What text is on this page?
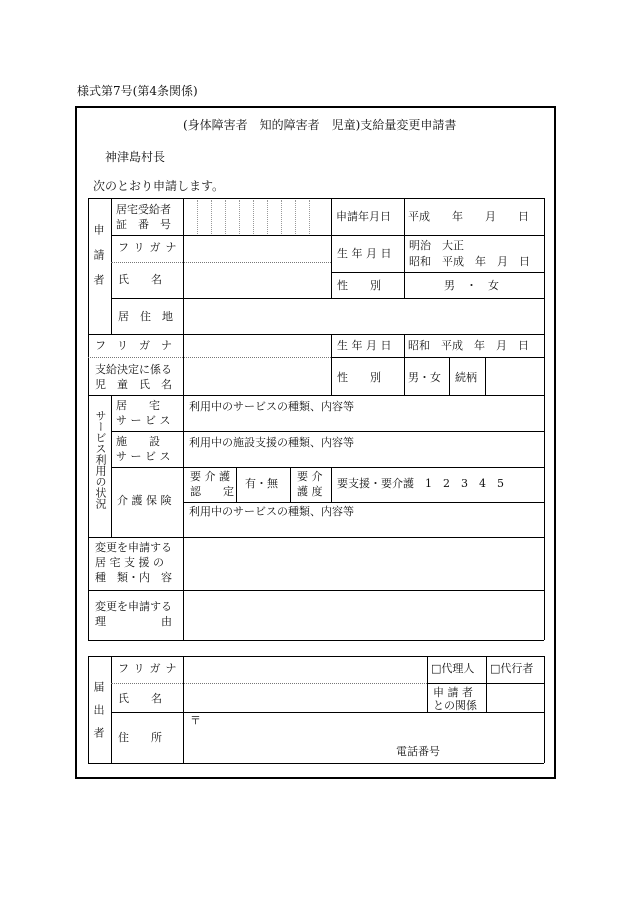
様式第7号(第4条関係)
(身体障害者　知的障害者　児童)支給量変更申請書
神津島村長
次のとおり申請します。
申請者
居宅受給者
証　番　号
申請年月日 平成　　年　　月　　日
フリガナ
氏　　名
生 年 月 日
明治　大正
昭和　平成　年　月　日
性　　別	男　・　女
居　住　地
フ　リ　ガ　ナ
支給決定に係る
児　童　氏　名
生 年 月 日 昭和　平成　年　月　日
性　　別 男・女 続柄
サービス利用の状況
居　　宅
サ ー ビ ス
利用中のサービスの種類、内容等
施　　設
サ ー ビ ス
利用中の施設支援の種類、内容等
介 護 保 険
要 介 護
認　　定
有・無
要 介
護 度
要支援・要介護　1　2　3　4　5
利用中のサービスの種類、内容等
変更を申請する
居 宅 支 援 の
種　類・内　容
変更を申請する
理　　　　　由
届出者
フリガナ
氏　　名
住　　所
□代理人 □代行者
申 請 者
との関係
〒
電話番号
